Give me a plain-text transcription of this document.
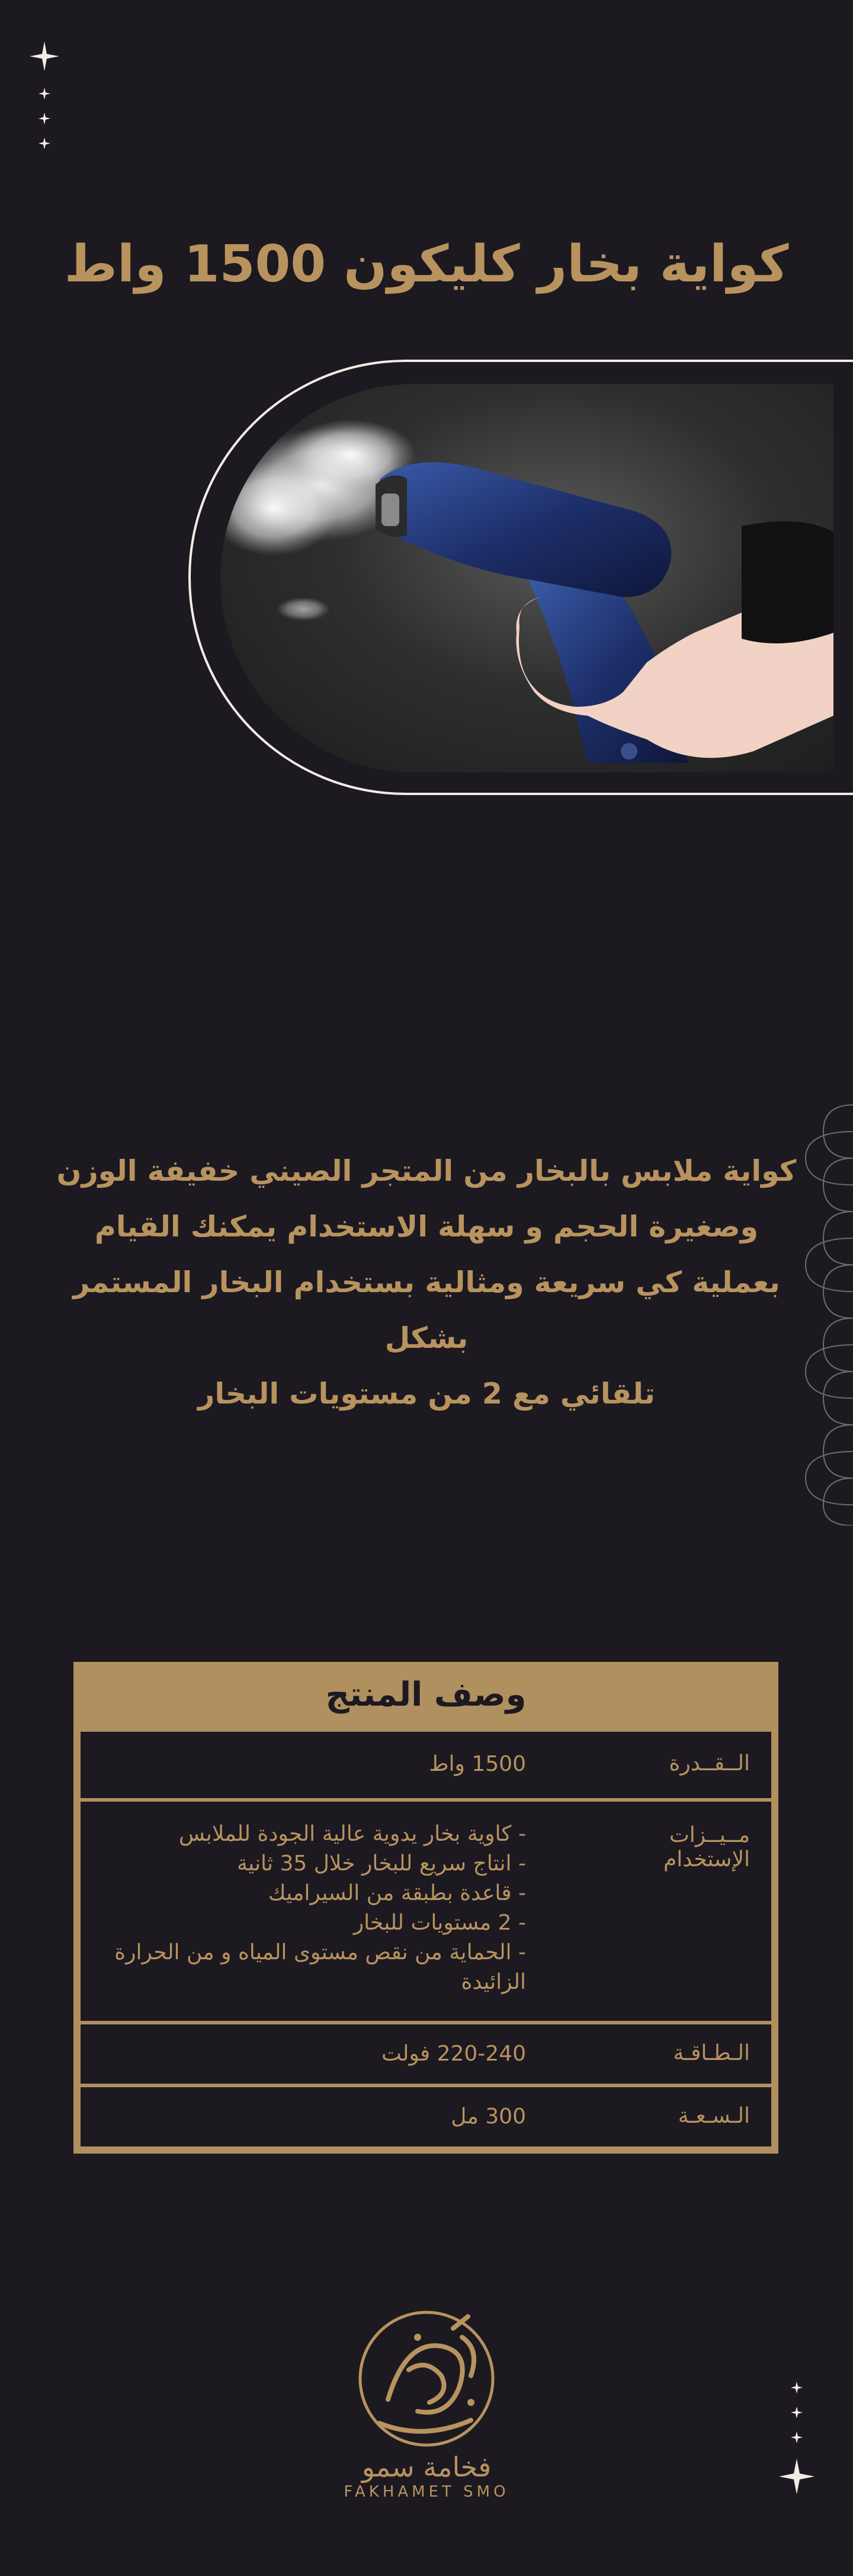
كواية بخار كليكون 1500 واط
كواية ملابس بالبخار من المتجر الصيني خفيفة الوزن
وصغيرة الحجم و سهلة الاستخدام يمكنك القيام
بعملية كي سريعة ومثالية بستخدام البخار المستمر بشكل
تلقائي مع 2 من مستويات البخار
وصف المنتج
الــقــدرة
1500 واط
مــيــزات الإستخدام
- كاوية بخار يدوية عالية الجودة للملابس
- انتاج سريع للبخار خلال 35 ثانية
- قاعدة بطبقة من السيراميك
- 2 مستويات للبخار
- الحماية من نقص مستوى المياه و من الحرارة
الزائيدة
الـطـاقـة
220-240 فولت
الـسـعـة
300 مل
فخامة سمو
FAKHAMET SMO
